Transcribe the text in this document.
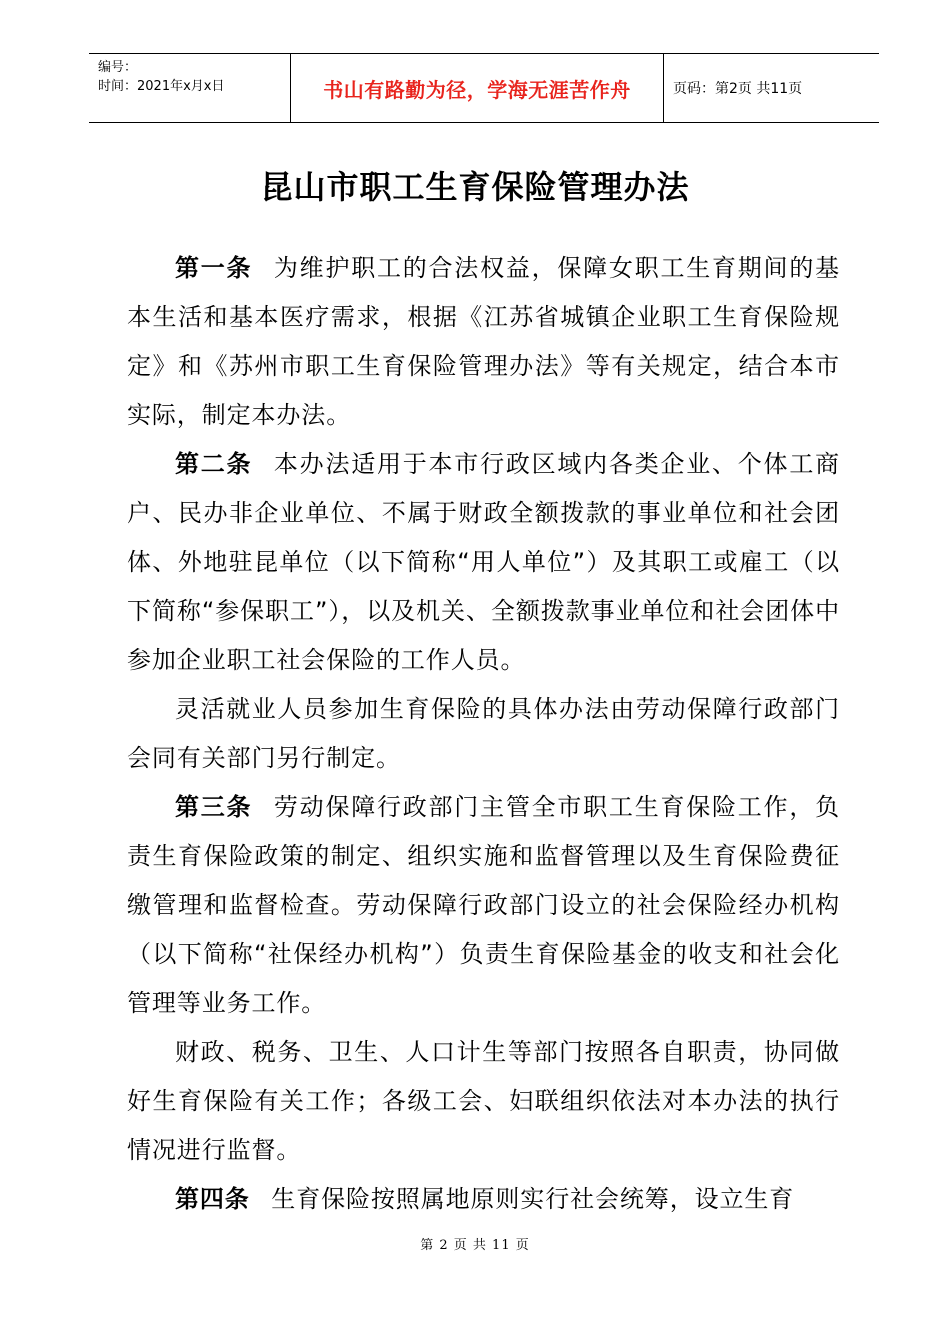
编号：
时间：2021年x月x日	书山有路勤为径，学海无涯苦作舟	页码：第2页 共11页
昆山市职工生育保险管理办法

第一条 为维护职工的合法权益，保障女职工生育期间的基本生活和基本医疗需求，根据《江苏省城镇企业职工生育保险规定》和《苏州市职工生育保险管理办法》等有关规定，结合本市实际，制定本办法。

第二条 本办法适用于本市行政区域内各类企业、个体工商户、民办非企业单位、不属于财政全额拨款的事业单位和社会团体、外地驻昆单位（以下简称“用人单位”）及其职工或雇工（以下简称“参保职工”），以及机关、全额拨款事业单位和社会团体中参加企业职工社会保险的工作人员。

灵活就业人员参加生育保险的具体办法由劳动保障行政部门会同有关部门另行制定。

第三条 劳动保障行政部门主管全市职工生育保险工作，负责生育保险政策的制定、组织实施和监督管理以及生育保险费征缴管理和监督检查。劳动保障行政部门设立的社会保险经办机构（以下简称“社保经办机构”）负责生育保险基金的收支和社会化管理等业务工作。

财政、税务、卫生、人口计生等部门按照各自职责，协同做好生育保险有关工作；各级工会、妇联组织依法对本办法的执行情况进行监督。

第四条 生育保险按照属地原则实行社会统筹，设立生育

第 2 页 共 11 页
